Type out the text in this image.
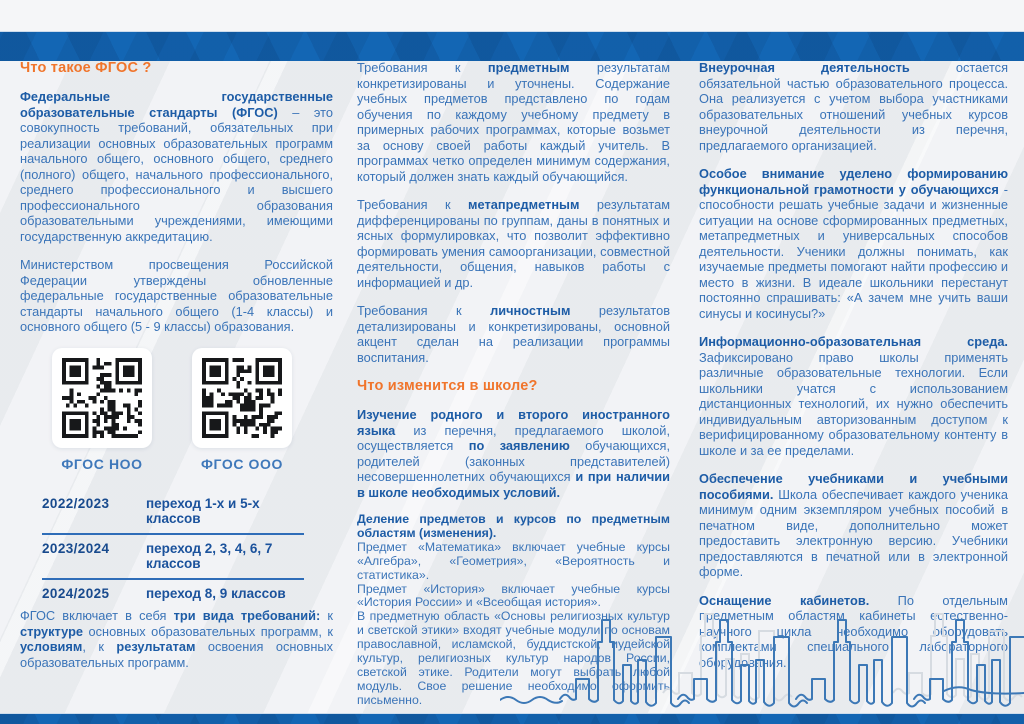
Что такое ФГОС ?

Федеральные государственные образовательные стандарты (ФГОС) – это совокупность требований, обязательных при реализации основных образовательных программ начального общего, основного общего, среднего (полного) общего, начального профессионального, среднего профессионального и высшего профессионального образования образовательными учреждениями, имеющими государственную аккредитацию.

Министерством просвещения Российской Федерации утверждены обновленные федеральные государственные образовательные стандарты начального общего (1-4 классы) и основного общего (5 - 9 классы) образования.

ФГОС НОО	ФГОС ООО
2022/2023	переход 1-х и 5-х классов
2023/2024	переход 2, 3, 4, 6, 7 классов
2024/2025	переход 8, 9 классов

ФГОС включает в себя три вида требований: к структуре основных образовательных программ, к условиям, к результатам освоения основных образовательных программ.

Требования к предметным результатам конкретизированы и уточнены. Содержание учебных предметов представлено по годам обучения по каждому учебному предмету в примерных рабочих программах, которые возьмет за основу своей работы каждый учитель. В программах четко определен минимум содержания, который должен знать каждый обучающийся.

Требования к метапредметным результатам дифференцированы по группам, даны в понятных и ясных формулировках, что позволит эффективно формировать умения самоорганизации, совместной деятельности, общения, навыков работы с информацией и др.

Требования к личностным результатов детализированы и конкретизированы, основной акцент сделан на реализации программы воспитания.

Что изменится в школе?

Изучение родного и второго иностранного языка из перечня, предлагаемого школой, осуществляется по заявлению обучающихся, родителей (законных представителей) несовершеннолетних обучающихся и при наличии в школе необходимых условий.

Деление предметов и курсов по предметным областям (изменения).

Предмет «Математика» включает учебные курсы «Алгебра», «Геометрия», «Вероятность и статистика».

Предмет «История» включает учебные курсы «История России» и «Всеобщая история».

В предметную область «Основы религиозных культур и светской этики» входят учебные модули по основам православной, исламской, буддистской, иудейской культур, религиозных культур народов России, светской этике. Родители могут выбрать любой модуль. Свое решение необходимо оформить письменно.

Внеурочная деятельность остается обязательной частью образовательного процесса. Она реализуется с учетом выбора участниками образовательных отношений учебных курсов внеурочной деятельности из перечня, предлагаемого организацией.

Особое внимание уделено формированию функциональной грамотности у обучающихся - способности решать учебные задачи и жизненные ситуации на основе сформированных предметных, метапредметных и универсальных способов деятельности. Ученики должны понимать, как изучаемые предметы помогают найти профессию и место в жизни. В идеале школьники перестанут постоянно спрашивать: «А зачем мне учить ваши синусы и косинусы?»

Информационно-образовательная среда. Зафиксировано право школы применять различные образовательные технологии. Если школьники учатся с использованием дистанционных технологий, их нужно обеспечить индивидуальным авторизованным доступом к верифицированному образовательному контенту в школе и за ее пределами.

Обеспечение учебниками и учебными пособиями. Школа обеспечивает каждого ученика минимум одним экземпляром учебных пособий в печатном виде, дополнительно может предоставить электронную версию. Учебники предоставляются в печатной или в электронной форме.

Оснащение кабинетов. По отдельным предметным областям кабинеты естественно-научного цикла необходимо оборудовать комплектами специального лабораторного оборудования.
